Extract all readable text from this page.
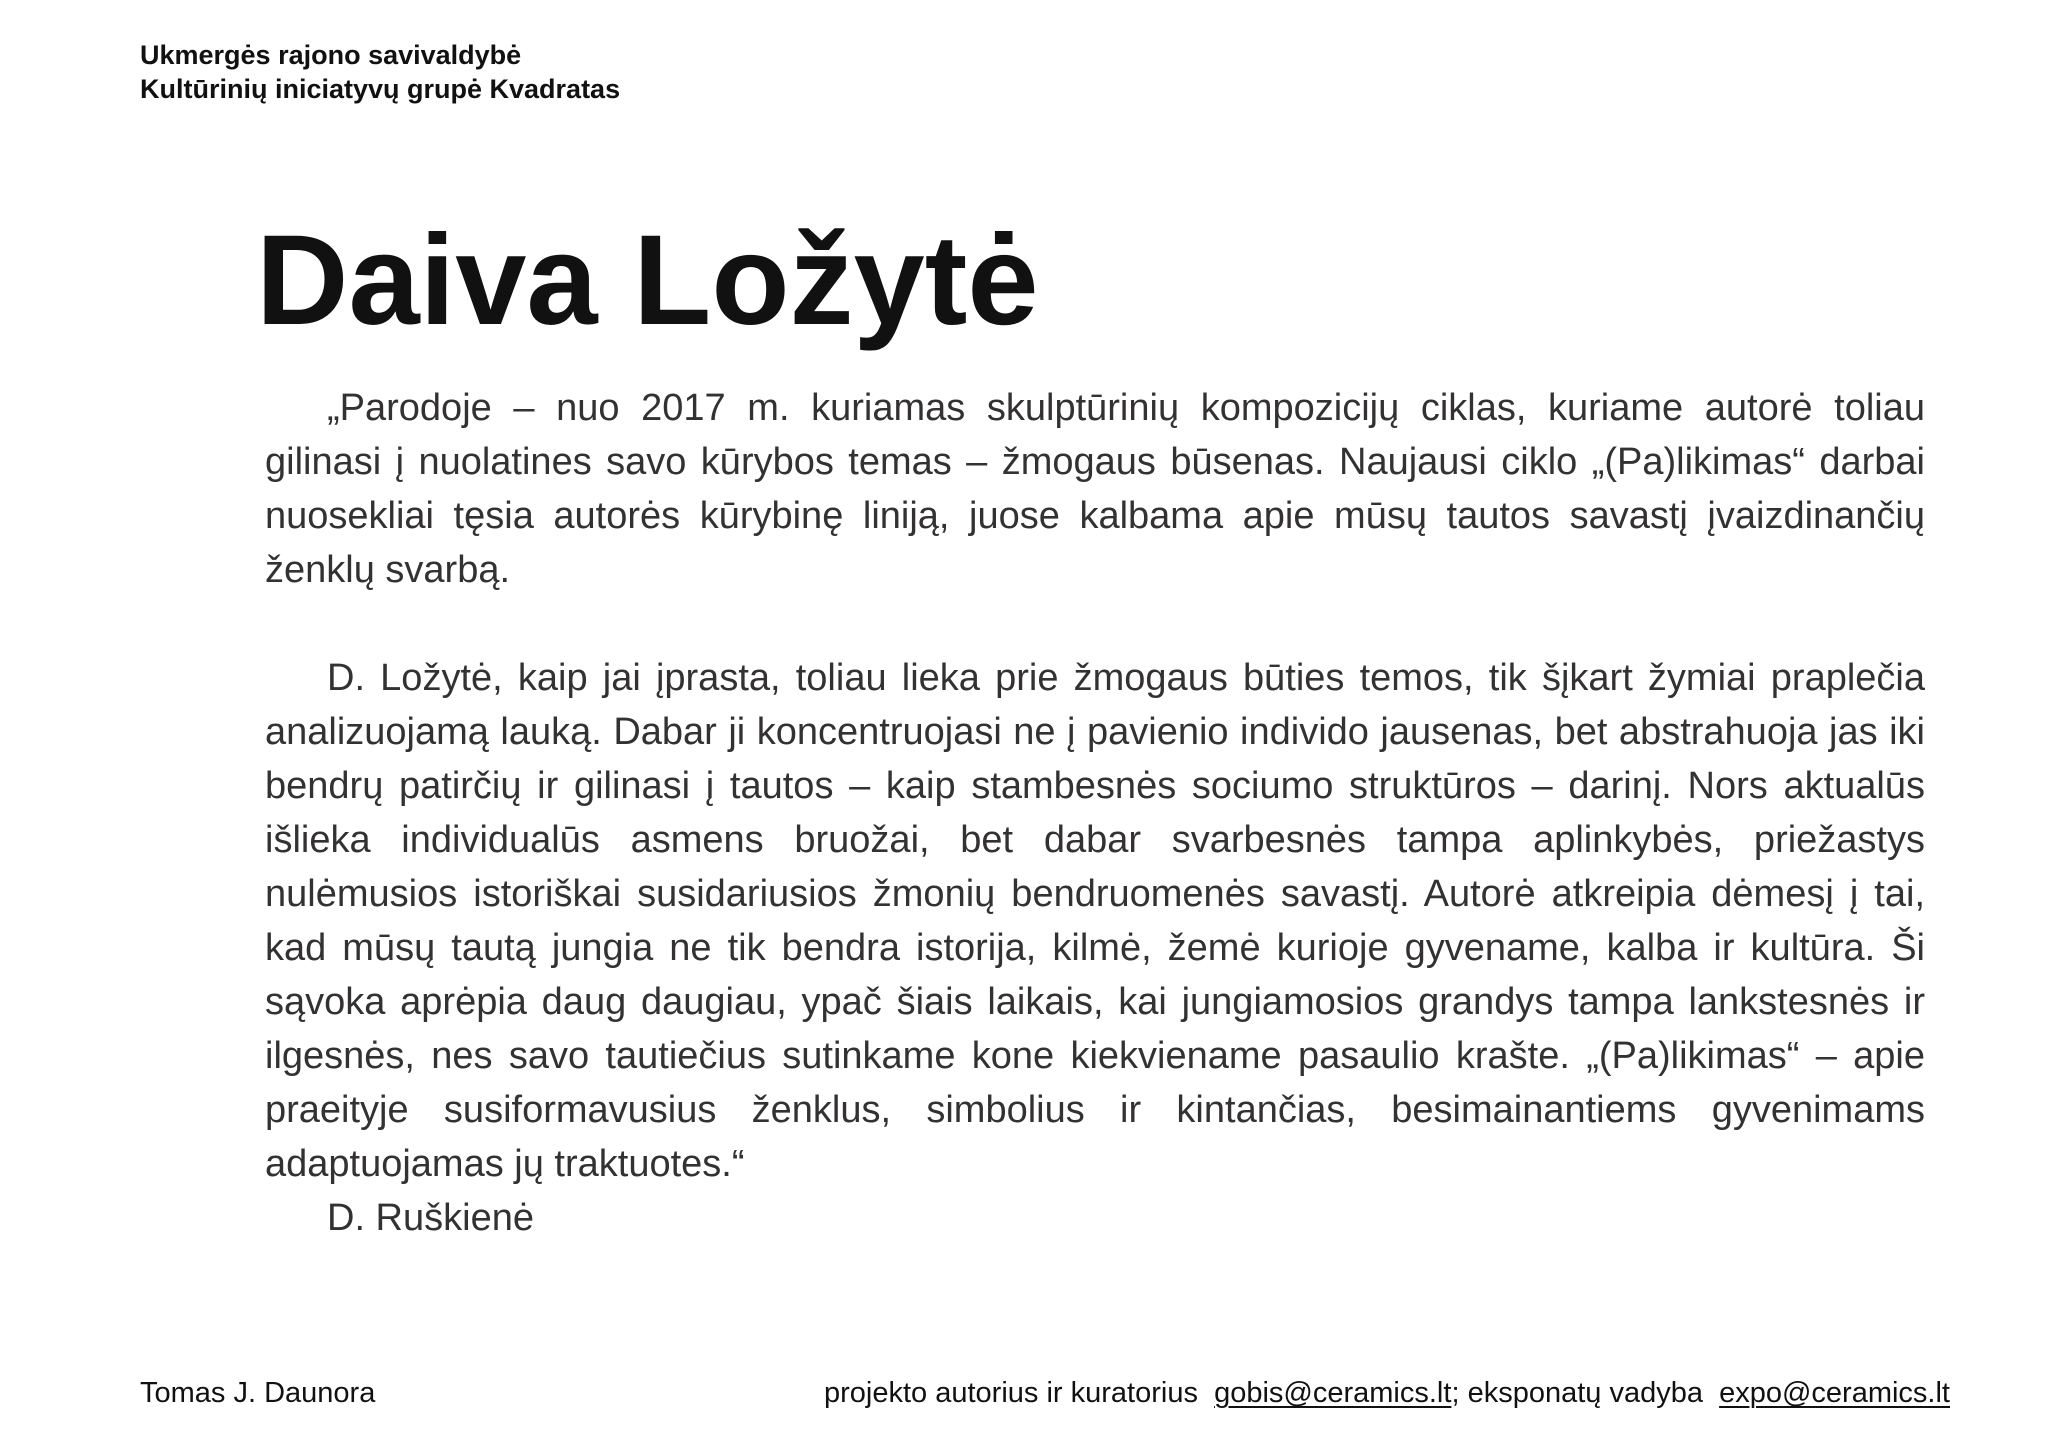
Ukmergės rajono savivaldybė
Kultūrinių iniciatyvų grupė Kvadratas
Daiva Ložytė

„Parodoje – nuo 2017 m. kuriamas skulptūrinių kompozicijų ciklas, kuriame autorė toliau gilinasi į nuolatines savo kūrybos temas – žmogaus būsenas. Naujausi ciklo „(Pa)likimas“ darbai nuosekliai tęsia autorės kūrybinę liniją, juose kalbama apie mūsų tautos savastį įvaizdinančių ženklų svarbą.

D. Ložytė, kaip jai įprasta, toliau lieka prie žmogaus būties temos, tik šįkart žymiai praplečia analizuojamą lauką. Dabar ji koncentruojasi ne į pavienio individo jausenas, bet abstrahuoja jas iki bendrų patirčių ir gilinasi į tautos – kaip stambesnės sociumo struktūros – darinį. Nors aktualūs išlieka individualūs asmens bruožai, bet dabar svarbesnės tampa aplinkybės, priežastys nulėmusios istoriškai susidariusios žmonių bendruomenės savastį. Autorė atkreipia dėmesį į tai, kad mūsų tautą jungia ne tik bendra istorija, kilmė, žemė kurioje gyvename, kalba ir kultūra. Ši sąvoka aprėpia daug daugiau, ypač šiais laikais, kai jungiamosios grandys tampa lankstesnės ir ilgesnės, nes savo tautiečius sutinkame kone kiekviename pasaulio krašte. „(Pa)likimas“ – apie praeityje susiformavusius ženklus, simbolius ir kintančias, besimainantiems gyvenimams adaptuojamas jų traktuotes.“

D. Ruškienė

Tomas J. Daunora	projekto autorius ir kuratorius gobis@ceramics.lt; eksponatų vadyba expo@ceramics.lt
